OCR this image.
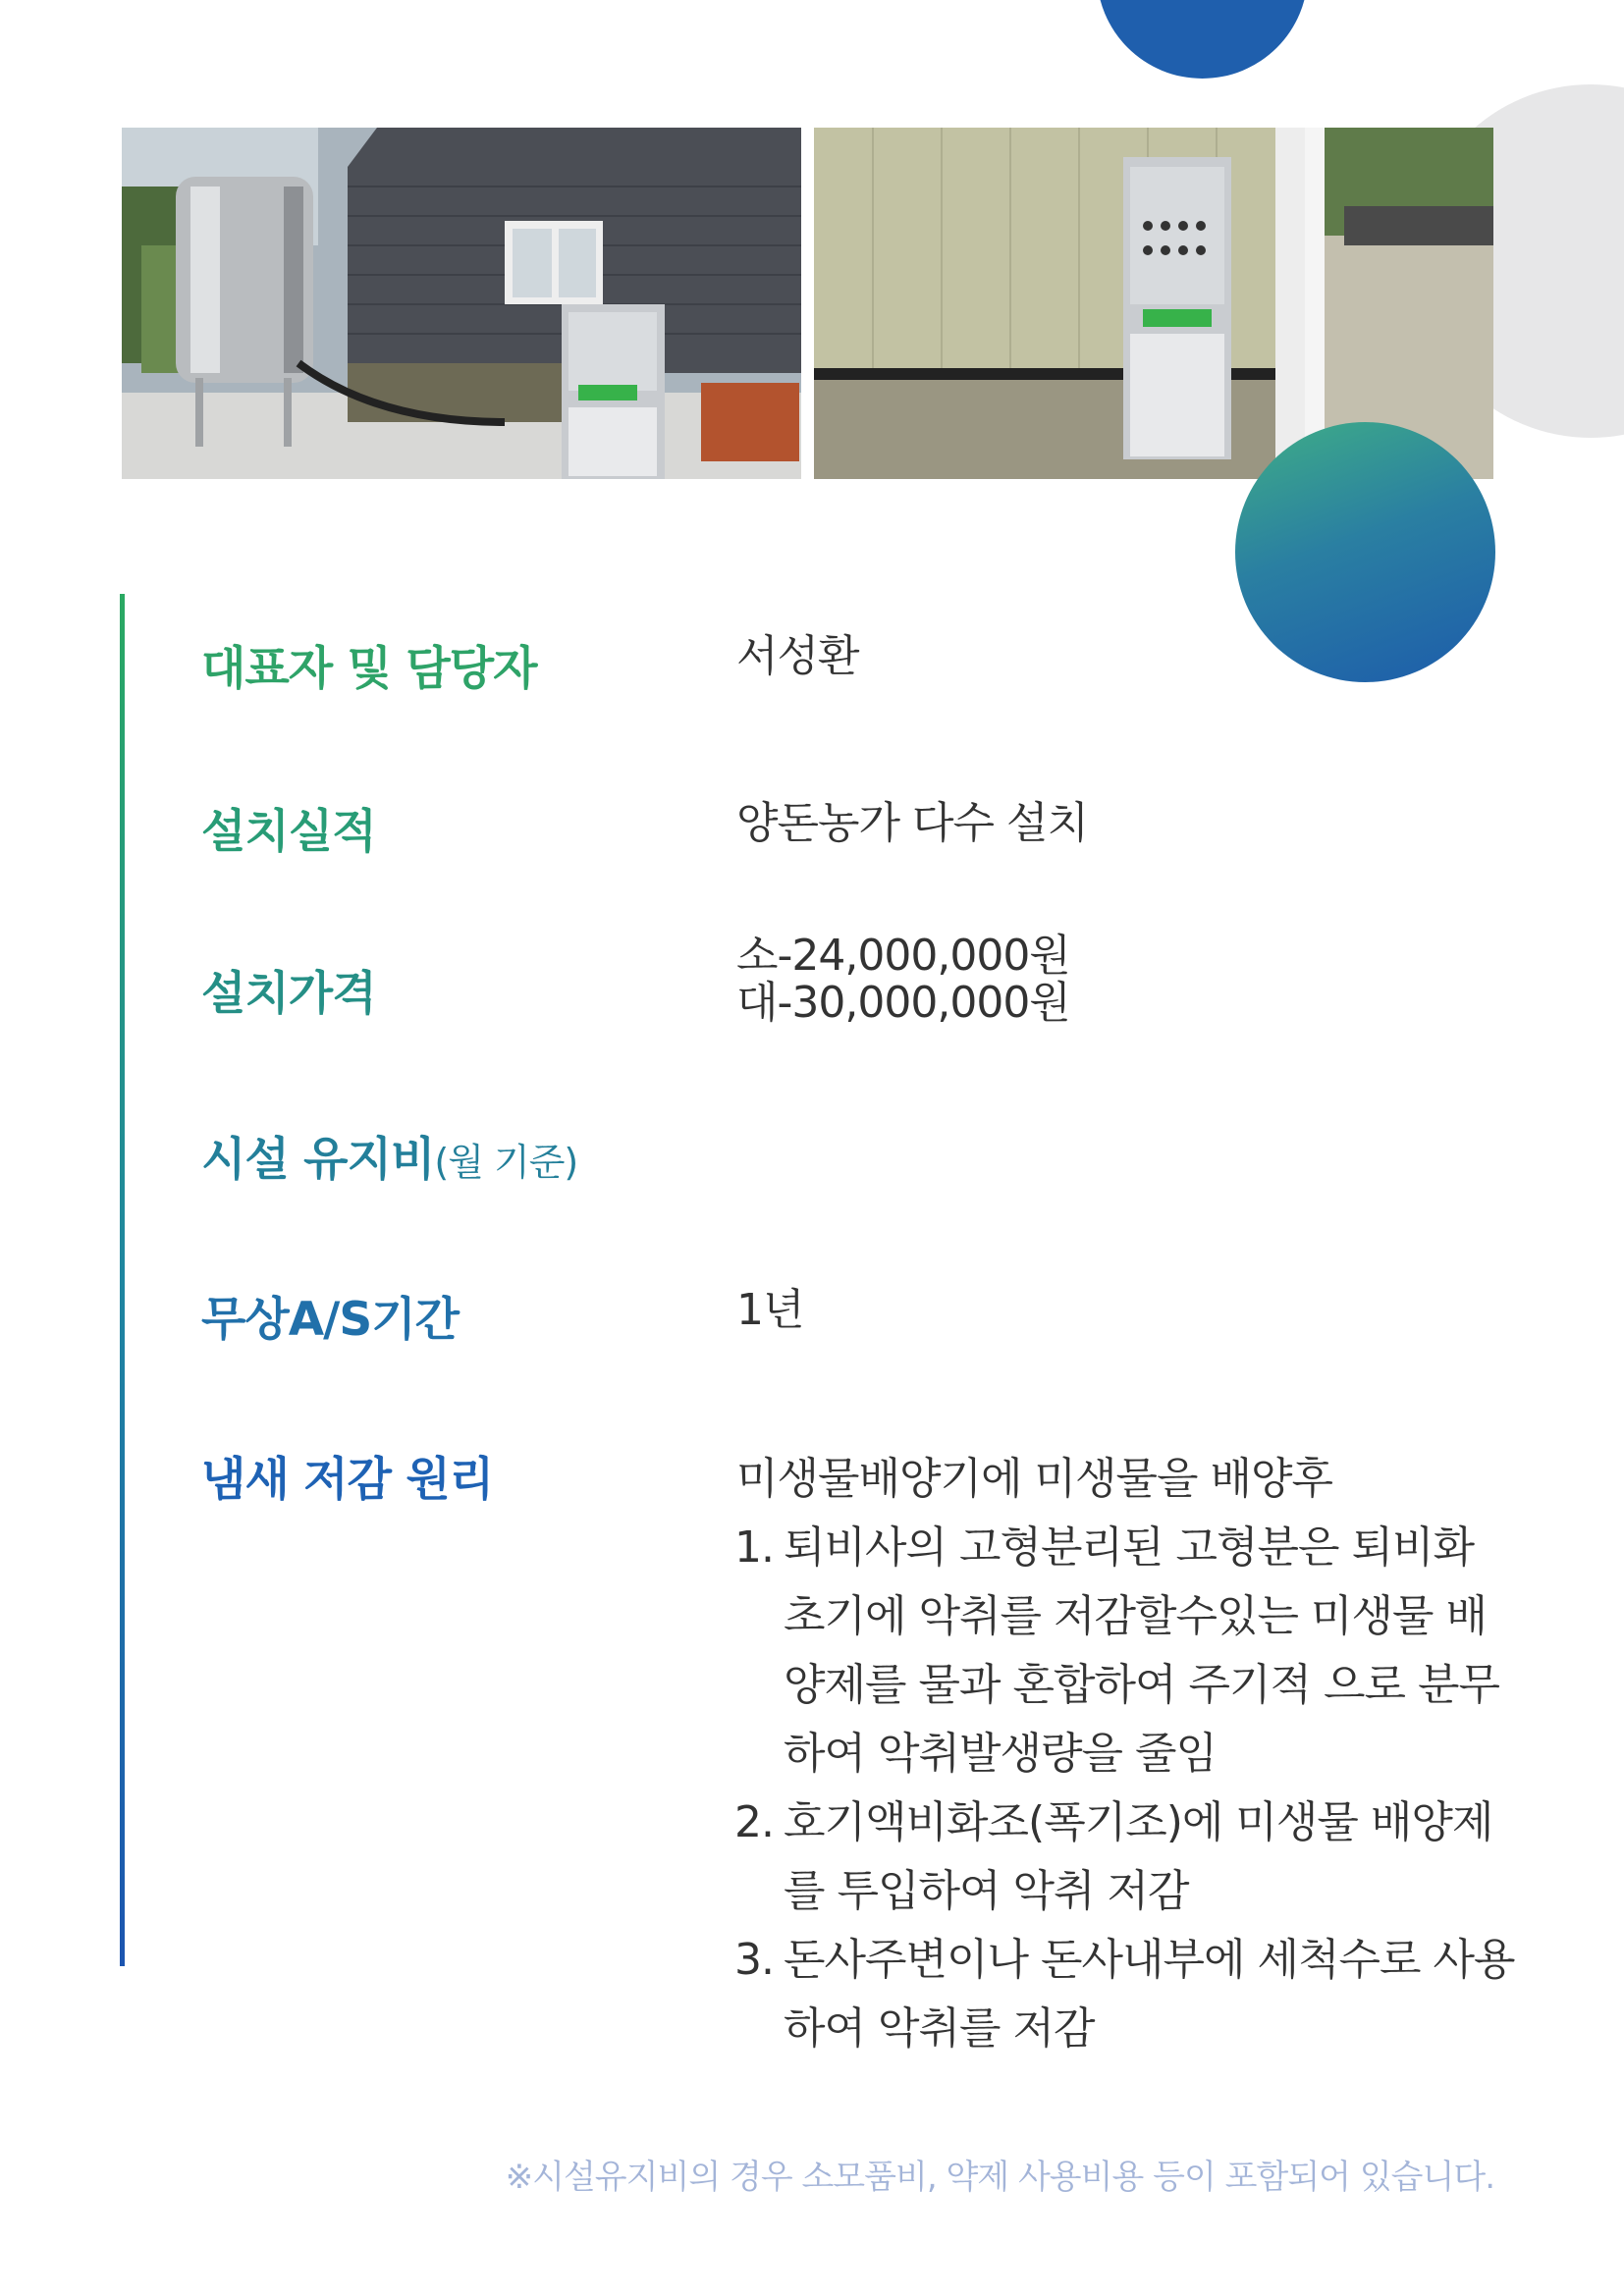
대표자 및 담당자
설치실적
설치가격
시설 유지비(월 기준)
무상A/S기간
냄새 저감 원리
서성환
양돈농가 다수 설치
소-24,000,000원
대-30,000,000원
1년
미생물배양기에 미생물을 배양후
1. 퇴비사의 고형분리된 고형분은 퇴비화 초기에 악취를 저감할수있는 미생물 배양제를 물과 혼합하여 주기적 으로 분무하여 악취발생량을 줄임
2. 호기액비화조(폭기조)에 미생물 배양제 를 투입하여 악취 저감
3. 돈사주변이나 돈사내부에 세척수로 사용하여 악취를 저감
※시설유지비의 경우 소모품비, 약제 사용비용 등이 포함되어 있습니다.
